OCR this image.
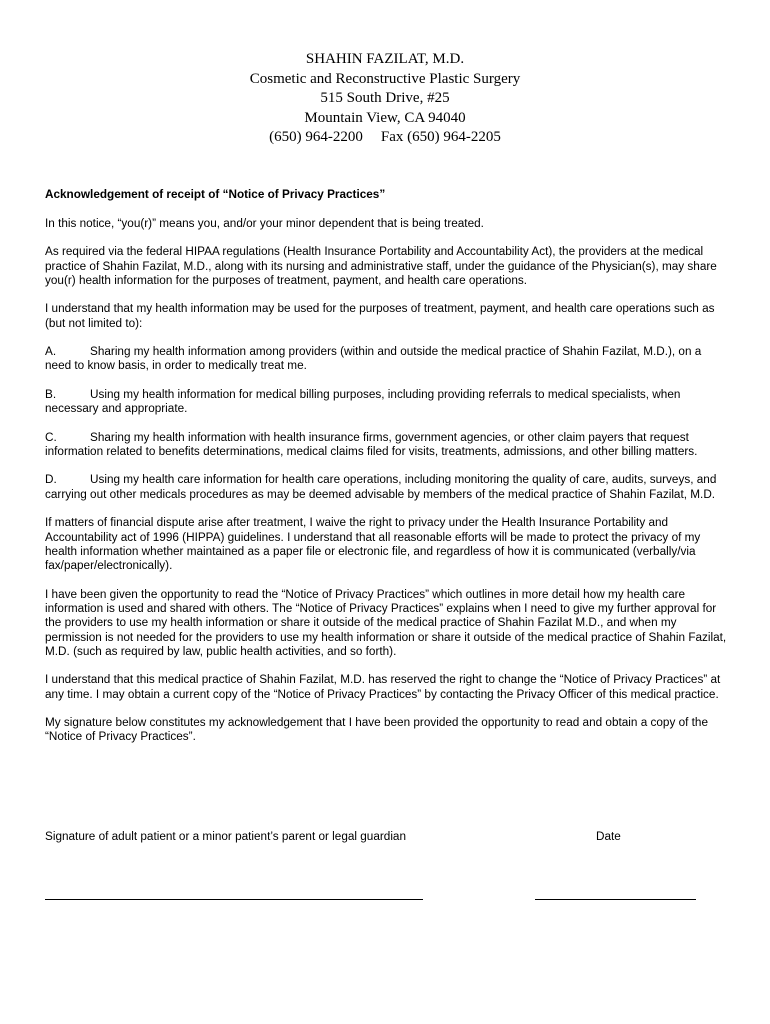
SHAHIN FAZILAT, M.D.
Cosmetic and Reconstructive Plastic Surgery
515 South Drive, #25
Mountain View, CA 94040
(650) 964-2200 Fax (650) 964-2205

Acknowledgement of receipt of “Notice of Privacy Practices”

In this notice, “you(r)” means you, and/or your minor dependent that is being treated.

As required via the federal HIPAA regulations (Health Insurance Portability and Accountability Act), the providers at the medical practice of Shahin Fazilat, M.D., along with its nursing and administrative staff, under the guidance of the Physician(s), may share you(r) health information for the purposes of treatment, payment, and health care operations.

I understand that my health information may be used for the purposes of treatment, payment, and health care operations such as (but not limited to):

A.	Sharing my health information among providers (within and outside the medical practice of Shahin Fazilat, M.D.), on a need to know basis, in order to medically treat me.

B.	Using my health information for medical billing purposes, including providing referrals to medical specialists, when necessary and appropriate.

C.	Sharing my health information with health insurance firms, government agencies, or other claim payers that request information related to benefits determinations, medical claims filed for visits, treatments, admissions, and other billing matters.

D.	Using my health care information for health care operations, including monitoring the quality of care, audits, surveys, and carrying out other medicals procedures as may be deemed advisable by members of the medical practice of Shahin Fazilat, M.D.

If matters of financial dispute arise after treatment, I waive the right to privacy under the Health Insurance Portability and Accountability act of 1996 (HIPPA) guidelines. I understand that all reasonable efforts will be made to protect the privacy of my health information whether maintained as a paper file or electronic file, and regardless of how it is communicated (verbally/via fax/paper/electronically).

I have been given the opportunity to read the “Notice of Privacy Practices” which outlines in more detail how my health care information is used and shared with others. The “Notice of Privacy Practices” explains when I need to give my further approval for the providers to use my health information or share it outside of the medical practice of Shahin Fazilat M.D., and when my permission is not needed for the providers to use my health information or share it outside of the medical practice of Shahin Fazilat, M.D. (such as required by law, public health activities, and so forth).

I understand that this medical practice of Shahin Fazilat, M.D. has reserved the right to change the “Notice of Privacy Practices” at any time. I may obtain a current copy of the “Notice of Privacy Practices” by contacting the Privacy Officer of this medical practice.

My signature below constitutes my acknowledgement that I have been provided the opportunity to read and obtain a copy of the “Notice of Privacy Practices”.

Signature of adult patient or a minor patient’s parent or legal guardian	Date
